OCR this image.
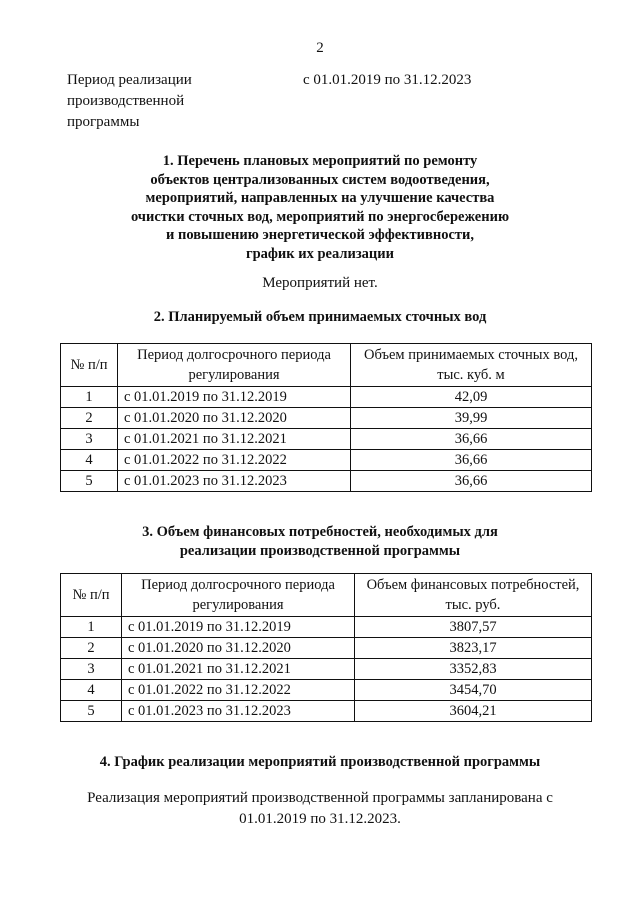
2
Период реализации производственной программы
с 01.01.2019 по 31.12.2023
1. Перечень плановых мероприятий по ремонту
объектов централизованных систем водоотведения,
мероприятий, направленных на улучшение качества
очистки сточных вод, мероприятий по энергосбережению
и повышению энергетической эффективности,
график их реализации
Мероприятий нет.
2. Планируемый объем принимаемых сточных вод
№ п/п	Период долгосрочного периода регулирования	Объем принимаемых сточных вод, тыс. куб. м
1	с 01.01.2019 по 31.12.2019	42,09
2	с 01.01.2020 по 31.12.2020	39,99
3	с 01.01.2021 по 31.12.2021	36,66
4	с 01.01.2022 по 31.12.2022	36,66
5	с 01.01.2023 по 31.12.2023	36,66
3. Объем финансовых потребностей, необходимых для реализации производственной программы
№ п/п	Период долгосрочного периода регулирования	Объем финансовых потребностей, тыс. руб.
1	с 01.01.2019 по 31.12.2019	3807,57
2	с 01.01.2020 по 31.12.2020	3823,17
3	с 01.01.2021 по 31.12.2021	3352,83
4	с 01.01.2022 по 31.12.2022	3454,70
5	с 01.01.2023 по 31.12.2023	3604,21
4. График реализации мероприятий производственной программы
Реализация мероприятий производственной программы запланирована с
01.01.2019 по 31.12.2023.
